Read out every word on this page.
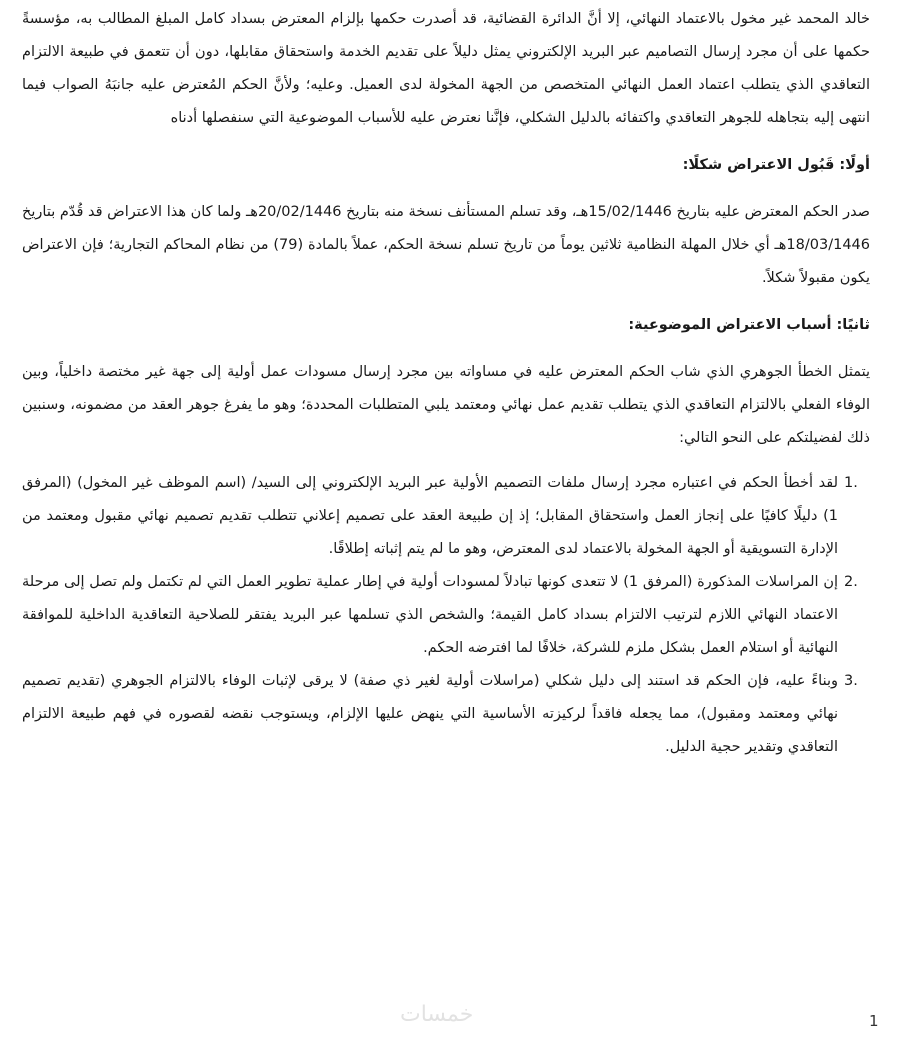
خالد المحمد غير مخول بالاعتماد النهائي، إلا أنَّ الدائرة القضائية، قد أصدرت حكمها بإلزام المعترض بسداد كامل المبلغ المطالب به، مؤسسةً حكمها على أن مجرد إرسال التصاميم عبر البريد الإلكتروني يمثل دليلاً على تقديم الخدمة واستحقاق مقابلها، دون أن تتعمق في طبيعة الالتزام التعاقدي الذي يتطلب اعتماد العمل النهائي المتخصص من الجهة المخولة لدى العميل. وعليه؛ ولأنَّ الحكم المُعترض عليه جانبَهُ الصواب فيما انتهى إليه بتجاهله للجوهر التعاقدي واكتفائه بالدليل الشكلي، فإنَّنا نعترض عليه للأسباب الموضوعية التي سنفصلها أدناه

أولًا: قَبُول الاعتراض شكلًا:

صدر الحكم المعترض عليه بتاريخ 15/02/1446هـ، وقد تسلم المستأنف نسخة منه بتاريخ 20/02/1446هـ ولما كان هذا الاعتراض قد قُدّم بتاريخ 18/03/1446هـ أي خلال المهلة النظامية ثلاثين يوماً من تاريخ تسلم نسخة الحكم، عملاً بالمادة (79) من نظام المحاكم التجارية؛ فإن الاعتراض يكون مقبولاً شكلاً.

ثانيًا: أسباب الاعتراض الموضوعية:

يتمثل الخطأ الجوهري الذي شاب الحكم المعترض عليه في مساواته بين مجرد إرسال مسودات عمل أولية إلى جهة غير مختصة داخلياً، وبين الوفاء الفعلي بالالتزام التعاقدي الذي يتطلب تقديم عمل نهائي ومعتمد يلبي المتطلبات المحددة؛ وهو ما يفرغ جوهر العقد من مضمونه، وسنبين ذلك لفضيلتكم على النحو التالي:

1.
لقد أخطأ الحكم في اعتباره مجرد إرسال ملفات التصميم الأولية عبر البريد الإلكتروني إلى السيد/ (اسم الموظف غير المخول) (المرفق 1) دليلًا كافيًا على إنجاز العمل واستحقاق المقابل؛ إذ إن طبيعة العقد على تصميم إعلاني تتطلب تقديم تصميم نهائي مقبول ومعتمد من الإدارة التسويقية أو الجهة المخولة بالاعتماد لدى المعترض، وهو ما لم يتم إثباته إطلاقًا.
2.
إن المراسلات المذكورة (المرفق 1) لا تتعدى كونها تبادلاً لمسودات أولية في إطار عملية تطوير العمل التي لم تكتمل ولم تصل إلى مرحلة الاعتماد النهائي اللازم لترتيب الالتزام بسداد كامل القيمة؛ والشخص الذي تسلمها عبر البريد يفتقر للصلاحية التعاقدية الداخلية للموافقة النهائية أو استلام العمل بشكل ملزم للشركة، خلافًا لما افترضه الحكم.
3.
وبناءً عليه، فإن الحكم قد استند إلى دليل شكلي (مراسلات أولية لغير ذي صفة) لا يرقى لإثبات الوفاء بالالتزام الجوهري (تقديم تصميم نهائي ومعتمد ومقبول)، مما يجعله فاقداً لركيزته الأساسية التي ينهض عليها الإلزام، ويستوجب نقضه لقصوره في فهم طبيعة الالتزام التعاقدي وتقدير حجية الدليل.
خمسات	1
